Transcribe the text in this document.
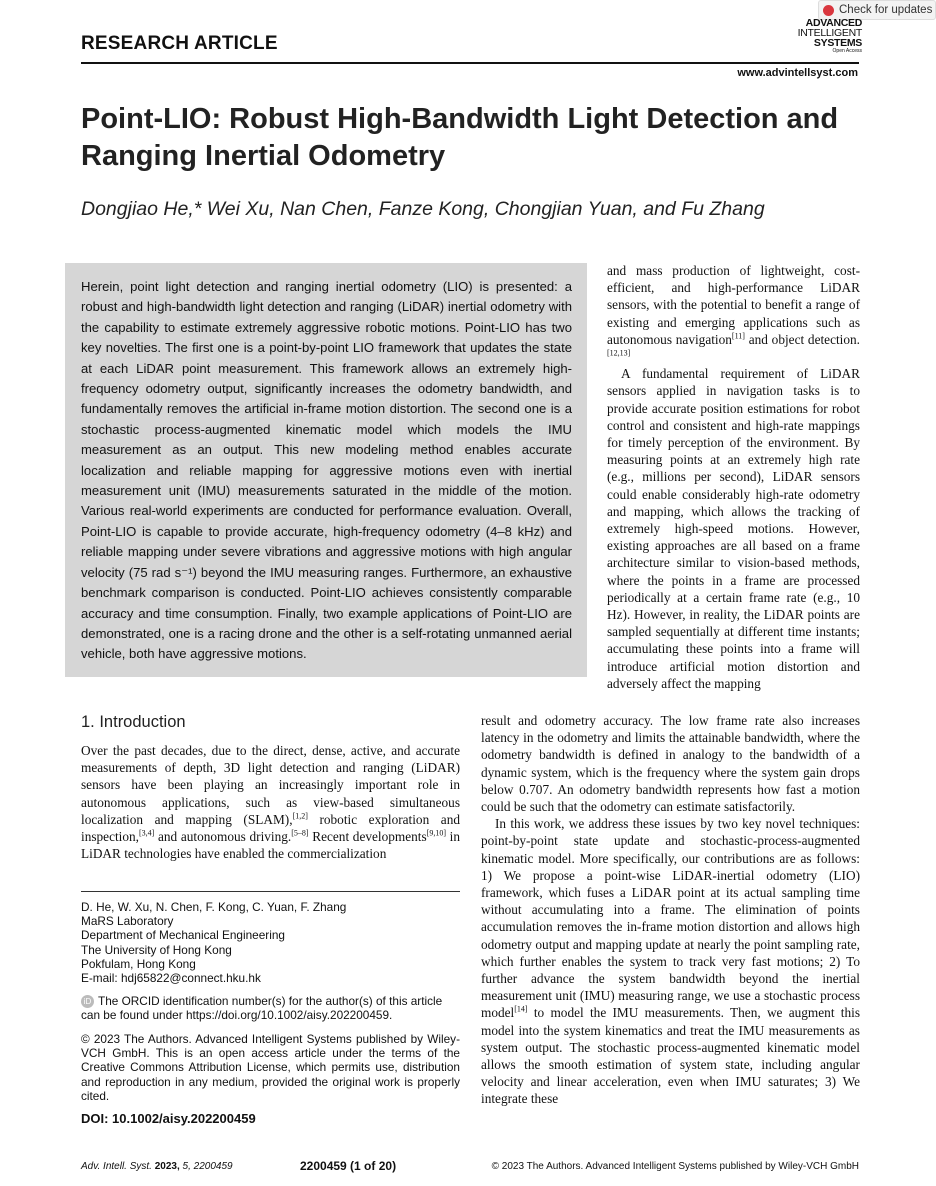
Check for updates
RESEARCH ARTICLE
ADVANCED
INTELLIGENT
SYSTEMS
Open Access
www.advintellsyst.com
Point-LIO: Robust High-Bandwidth Light Detection and
Ranging Inertial Odometry
Dongjiao He,* Wei Xu, Nan Chen, Fanze Kong, Chongjian Yuan, and Fu Zhang
Herein, point light detection and ranging inertial odometry (LIO) is presented: a robust and high-bandwidth light detection and ranging (LiDAR) inertial odometry with the capability to estimate extremely aggressive robotic motions. Point-LIO has two key novelties. The first one is a point-by-point LIO framework that updates the state at each LiDAR point measurement. This framework allows an extremely high-frequency odometry output, significantly increases the odometry bandwidth, and fundamentally removes the artificial in-frame motion distortion. The second one is a stochastic process-augmented kinematic model which models the IMU measurement as an output. This new modeling method enables accurate localization and reliable mapping for aggressive motions even with inertial measurement unit (IMU) measurements saturated in the middle of the motion. Various real-world experiments are conducted for performance evaluation. Overall, Point-LIO is capable to provide accurate, high-frequency odometry (4–8 kHz) and reliable mapping under severe vibrations and aggressive motions with high angular velocity (75 rad s⁻¹) beyond the IMU measuring ranges. Furthermore, an exhaustive benchmark comparison is conducted. Point-LIO achieves consistently comparable accuracy and time consumption. Finally, two example applications of Point-LIO are demonstrated, one is a racing drone and the other is a self-rotating unmanned aerial vehicle, both have aggressive motions.

and mass production of lightweight, cost-efficient, and high-performance LiDAR sensors, with the potential to benefit a range of existing and emerging applications such as autonomous navigation[11] and object detection.[12,13]

A fundamental requirement of LiDAR sensors applied in navigation tasks is to provide accurate position estimations for robot control and consistent and high-rate mappings for timely perception of the environment. By measuring points at an extremely high rate (e.g., millions per second), LiDAR sensors could enable considerably high-rate odometry and mapping, which allows the tracking of extremely high-speed motions. However, existing approaches are all based on a frame architecture similar to vision-based methods, where the points in a frame are processed periodically at a certain frame rate (e.g., 10 Hz). However, in reality, the LiDAR points are sampled sequentially at different time instants; accumulating these points into a frame will introduce artificial motion distortion and adversely affect the mapping

1. Introduction

Over the past decades, due to the direct, dense, active, and accurate measurements of depth, 3D light detection and ranging (LiDAR) sensors have been playing an increasingly important role in autonomous applications, such as view-based simultaneous localization and mapping (SLAM),[1,2] robotic exploration and inspection,[3,4] and autonomous driving.[5–8] Recent developments[9,10] in LiDAR technologies have enabled the commercialization

result and odometry accuracy. The low frame rate also increases latency in the odometry and limits the attainable bandwidth, where the odometry bandwidth is defined in analogy to the bandwidth of a dynamic system, which is the frequency where the system gain drops below 0.707. An odometry bandwidth represents how fast a motion could be such that the odometry can estimate satisfactorily.

In this work, we address these issues by two key novel techniques: point-by-point state update and stochastic-process-augmented kinematic model. More specifically, our contributions are as follows: 1) We propose a point-wise LiDAR-inertial odometry (LIO) framework, which fuses a LiDAR point at its actual sampling time without accumulating into a frame. The elimination of points accumulation removes the in-frame motion distortion and allows high odometry output and mapping update at nearly the point sampling rate, which further enables the system to track very fast motions; 2) To further advance the system bandwidth beyond the inertial measurement unit (IMU) measuring range, we use a stochastic process model[14] to model the IMU measurements. Then, we augment this model into the system kinematics and treat the IMU measurements as system output. The stochastic process-augmented kinematic model allows the smooth estimation of system state, including angular velocity and linear acceleration, even when IMU saturates; 3) We integrate these

D. He, W. Xu, N. Chen, F. Kong, C. Yuan, F. Zhang
MaRS Laboratory
Department of Mechanical Engineering
The University of Hong Kong
Pokfulam, Hong Kong
E-mail: hdj65822@connect.hku.hk
iD The ORCID identification number(s) for the author(s) of this article can be found under https://doi.org/10.1002/aisy.202200459.
© 2023 The Authors. Advanced Intelligent Systems published by Wiley-VCH GmbH. This is an open access article under the terms of the Creative Commons Attribution License, which permits use, distribution and reproduction in any medium, provided the original work is properly cited.
DOI: 10.1002/aisy.202200459
Adv. Intell. Syst. 2023, 5, 2200459	2200459 (1 of 20)	© 2023 The Authors. Advanced Intelligent Systems published by Wiley-VCH GmbH
